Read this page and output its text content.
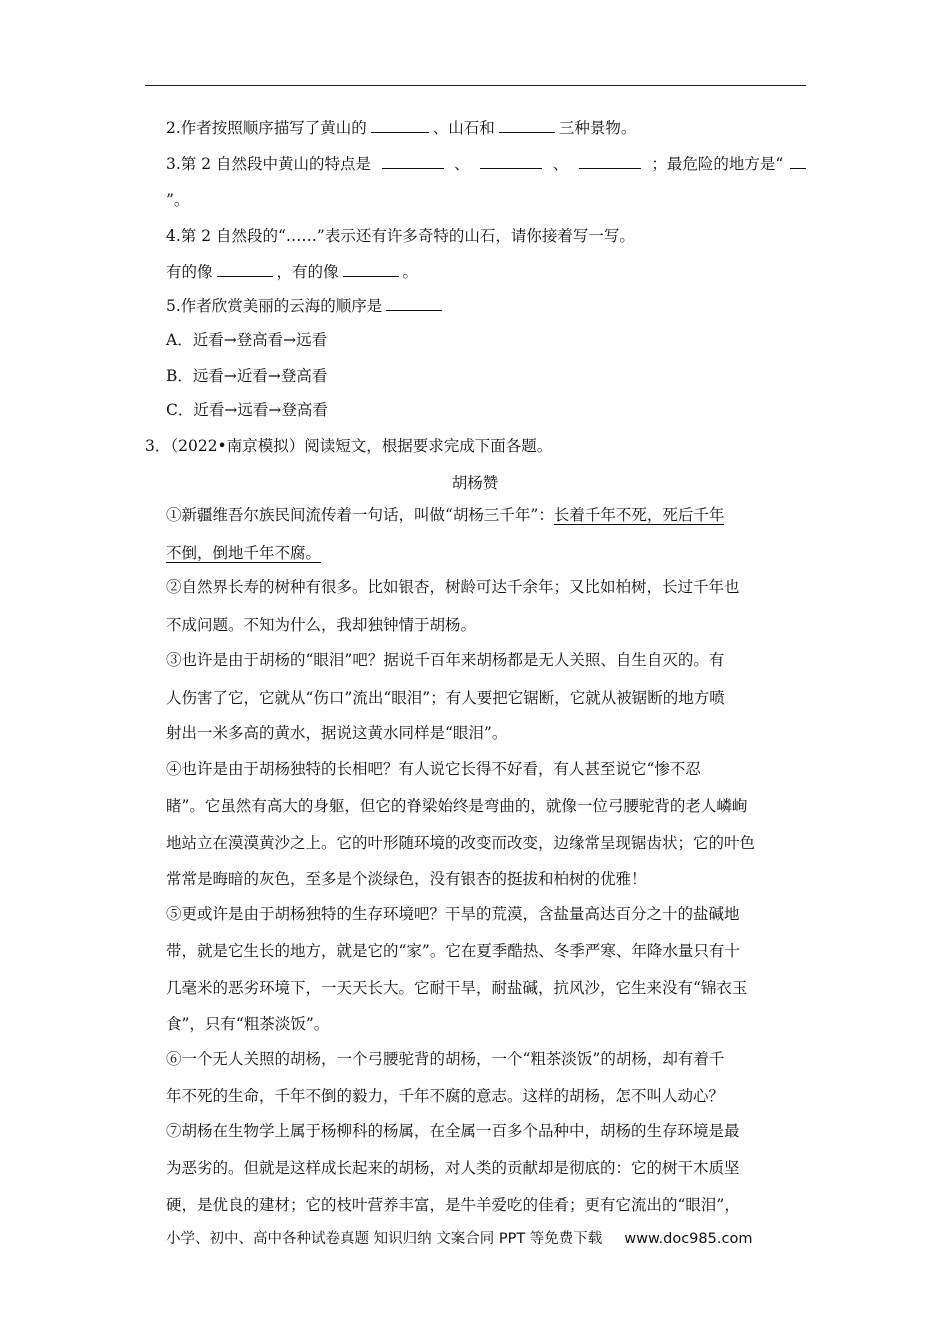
2.作者按照顺序描写了黄山的	、山石和	三种景物。
3.第 2 自然段中黄山的特点是	、	、	；最危险的地方是“
”。
4.第 2 自然段的“……”表示还有许多奇特的山石，请你接着写一写。
有的像	，有的像	。
5.作者欣赏美丽的云海的顺序是
A．近看→登高看→远看
B．远看→近看→登高看
C．近看→远看→登高看
3．（2022•南京模拟）阅读短文，根据要求完成下面各题。
胡杨赞
①新疆维吾尔族民间流传着一句话，叫做“胡杨三千年”：长着千年不死，死后千年
不倒，倒地千年不腐。
②自然界长寿的树种有很多。比如银杏，树龄可达千余年；又比如柏树，长过千年也
不成问题。不知为什么，我却独钟情于胡杨。
③也许是由于胡杨的“眼泪”吧？据说千百年来胡杨都是无人关照、自生自灭的。有
人伤害了它，它就从“伤口”流出“眼泪”；有人要把它锯断，它就从被锯断的地方喷
射出一米多高的黄水，据说这黄水同样是“眼泪”。
④也许是由于胡杨独特的长相吧？有人说它长得不好看，有人甚至说它“惨不忍
睹”。它虽然有高大的身躯，但它的脊梁始终是弯曲的，就像一位弓腰驼背的老人嶙峋
地站立在漠漠黄沙之上。它的叶形随环境的改变而改变，边缘常呈现锯齿状；它的叶色
常常是晦暗的灰色，至多是个淡绿色，没有银杏的挺拔和柏树的优雅！
⑤更或许是由于胡杨独特的生存环境吧？干旱的荒漠，含盐量高达百分之十的盐碱地
带，就是它生长的地方，就是它的“家”。它在夏季酷热、冬季严寒、年降水量只有十
几毫米的恶劣环境下，一天天长大。它耐干旱，耐盐碱，抗风沙，它生来没有“锦衣玉
食”，只有“粗茶淡饭”。
⑥一个无人关照的胡杨，一个弓腰驼背的胡杨，一个“粗茶淡饭”的胡杨，却有着千
年不死的生命，千年不倒的毅力，千年不腐的意志。这样的胡杨，怎不叫人动心？
⑦胡杨在生物学上属于杨柳科的杨属，在全属一百多个品种中，胡杨的生存环境是最
为恶劣的。但就是这样成长起来的胡杨，对人类的贡献却是彻底的：它的树干木质坚
硬，是优良的建材；它的枝叶营养丰富，是牛羊爱吃的佳肴；更有它流出的“眼泪”，
小学、初中、高中各种试卷真题 知识归纳 文案合同 PPT 等免费下载 www.doc985.com
